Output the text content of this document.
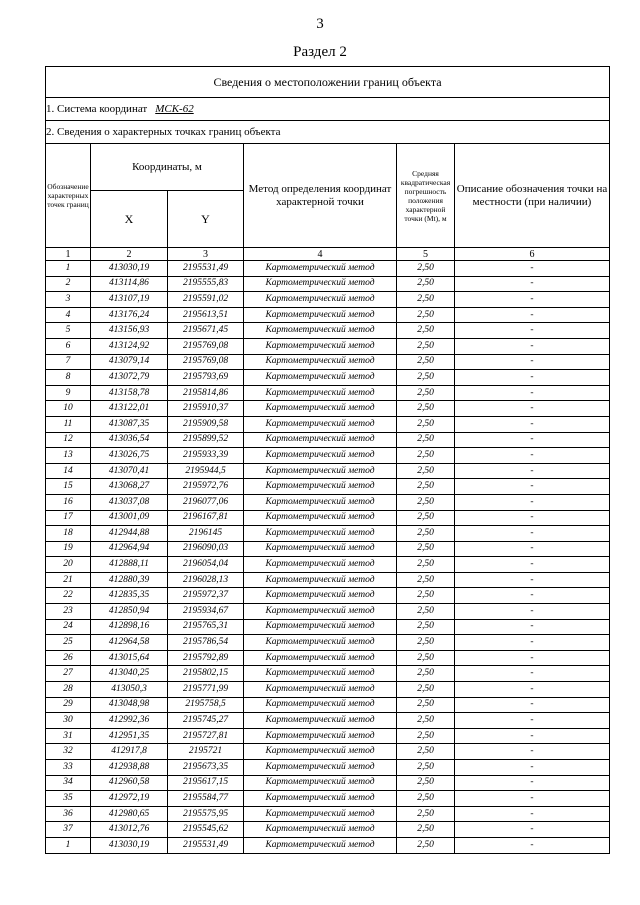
3
Раздел 2
Сведения о местоположении границ объекта					
1. Система координат МСК-62					
2. Сведения о характерных точках границ объекта					
Обозначение характерных точек границ	Координаты, м		Метод определения координат характерной точки	Средняя квадратическая погрешность положения характерной точки (Mt), м	Описание обозначения точки на местности (при наличии)
	X	Y			
1	2	3	4	5	6
1	413030,19	2195531,49	Картометрический метод	2,50	-
2	413114,86	2195555,83	Картометрический метод	2,50	-
3	413107,19	2195591,02	Картометрический метод	2,50	-
4	413176,24	2195613,51	Картометрический метод	2,50	-
5	413156,93	2195671,45	Картометрический метод	2,50	-
6	413124,92	2195769,08	Картометрический метод	2,50	-
7	413079,14	2195769,08	Картометрический метод	2,50	-
8	413072,79	2195793,69	Картометрический метод	2,50	-
9	413158,78	2195814,86	Картометрический метод	2,50	-
10	413122,01	2195910,37	Картометрический метод	2,50	-
11	413087,35	2195909,58	Картометрический метод	2,50	-
12	413036,54	2195899,52	Картометрический метод	2,50	-
13	413026,75	2195933,39	Картометрический метод	2,50	-
14	413070,41	2195944,5	Картометрический метод	2,50	-
15	413068,27	2195972,76	Картометрический метод	2,50	-
16	413037,08	2196077,06	Картометрический метод	2,50	-
17	413001,09	2196167,81	Картометрический метод	2,50	-
18	412944,88	2196145	Картометрический метод	2,50	-
19	412964,94	2196090,03	Картометрический метод	2,50	-
20	412888,11	2196054,04	Картометрический метод	2,50	-
21	412880,39	2196028,13	Картометрический метод	2,50	-
22	412835,35	2195972,37	Картометрический метод	2,50	-
23	412850,94	2195934,67	Картометрический метод	2,50	-
24	412898,16	2195765,31	Картометрический метод	2,50	-
25	412964,58	2195786,54	Картометрический метод	2,50	-
26	413015,64	2195792,89	Картометрический метод	2,50	-
27	413040,25	2195802,15	Картометрический метод	2,50	-
28	413050,3	2195771,99	Картометрический метод	2,50	-
29	413048,98	2195758,5	Картометрический метод	2,50	-
30	412992,36	2195745,27	Картометрический метод	2,50	-
31	412951,35	2195727,81	Картометрический метод	2,50	-
32	412917,8	2195721	Картометрический метод	2,50	-
33	412938,88	2195673,35	Картометрический метод	2,50	-
34	412960,58	2195617,15	Картометрический метод	2,50	-
35	412972,19	2195584,77	Картометрический метод	2,50	-
36	412980,65	2195575,95	Картометрический метод	2,50	-
37	413012,76	2195545,62	Картометрический метод	2,50	-
1	413030,19	2195531,49	Картометрический метод	2,50	-
